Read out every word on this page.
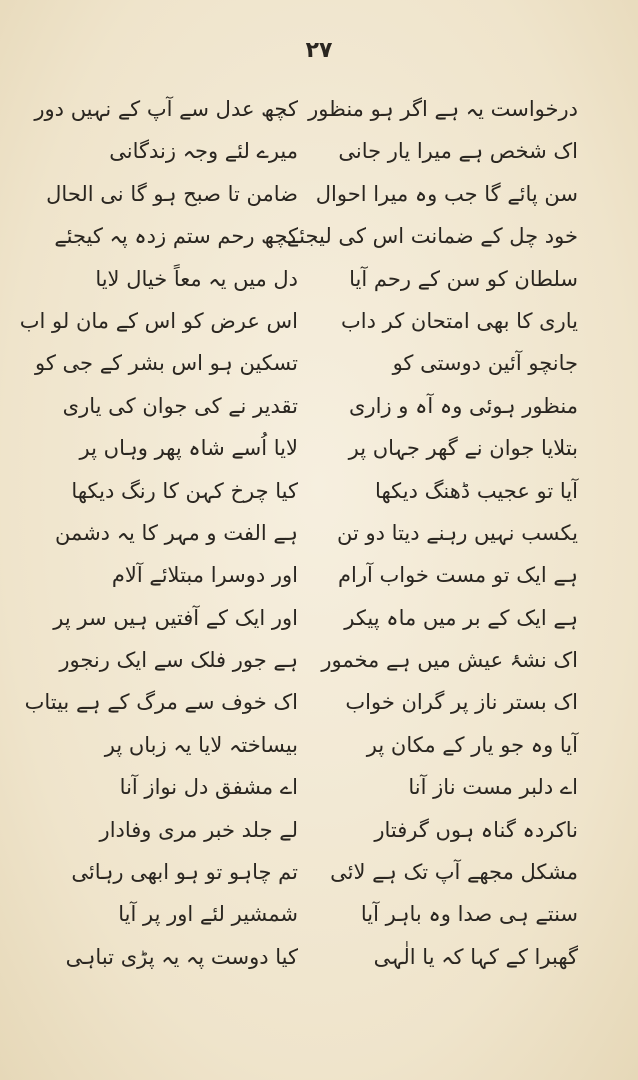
۲۷
درخواست یہ ہے اگر ہو منظور
اک شخص ہے میرا یار جانی
سن پائے گا جب وہ میرا احوال
خود چل کے ضمانت اس کی لیجئے
سلطان کو سن کے رحم آیا
یاری کا بھی امتحان کر داب
جانچو آئین دوستی کو
منظور ہوئی وہ آہ و زاری
بتلایا جوان نے گھر جہاں پر
آیا تو عجیب ڈھنگ دیکھا
یکسب نہیں رہنے دیتا دو تن
ہے ایک تو مست خواب آرام
ہے ایک کے بر میں ماہ پیکر
اک نشۂ عیش میں ہے مخمور
اک بستر ناز پر گران خواب
آیا وہ جو یار کے مکان پر
اے دلبر مست ناز آنا
ناکردہ گناہ ہوں گرفتار
مشکل مجھے آپ تک ہے لائی
سنتے ہی صدا وہ باہر آیا
گھبرا کے کہا کہ یا الٰہی
کچھ عدل سے آپ کے نہیں دور
میرے لئے وجہ زندگانی
ضامن تا صبح ہو گا نی الحال
کچھ رحم ستم زدہ پہ کیجئے
دل میں یہ معاً خیال لایا
اس عرض کو اس کے مان لو اب
تسکین ہو اس بشر کے جی کو
تقدیر نے کی جوان کی یاری
لایا اُسے شاہ پھر وہاں پر
کیا چرخ کہن کا رنگ دیکھا
ہے الفت و مہر کا یہ دشمن
اور دوسرا مبتلائے آلام
اور ایک کے آفتیں ہیں سر پر
ہے جور فلک سے ایک رنجور
اک خوف سے مرگ کے ہے بیتاب
بیساختہ لایا یہ زباں پر
اے مشفق دل نواز آنا
لے جلد خبر مری وفادار
تم چاہو تو ہو ابھی رہائی
شمشیر لئے اور پر آیا
کیا دوست پہ یہ پڑی تباہی
